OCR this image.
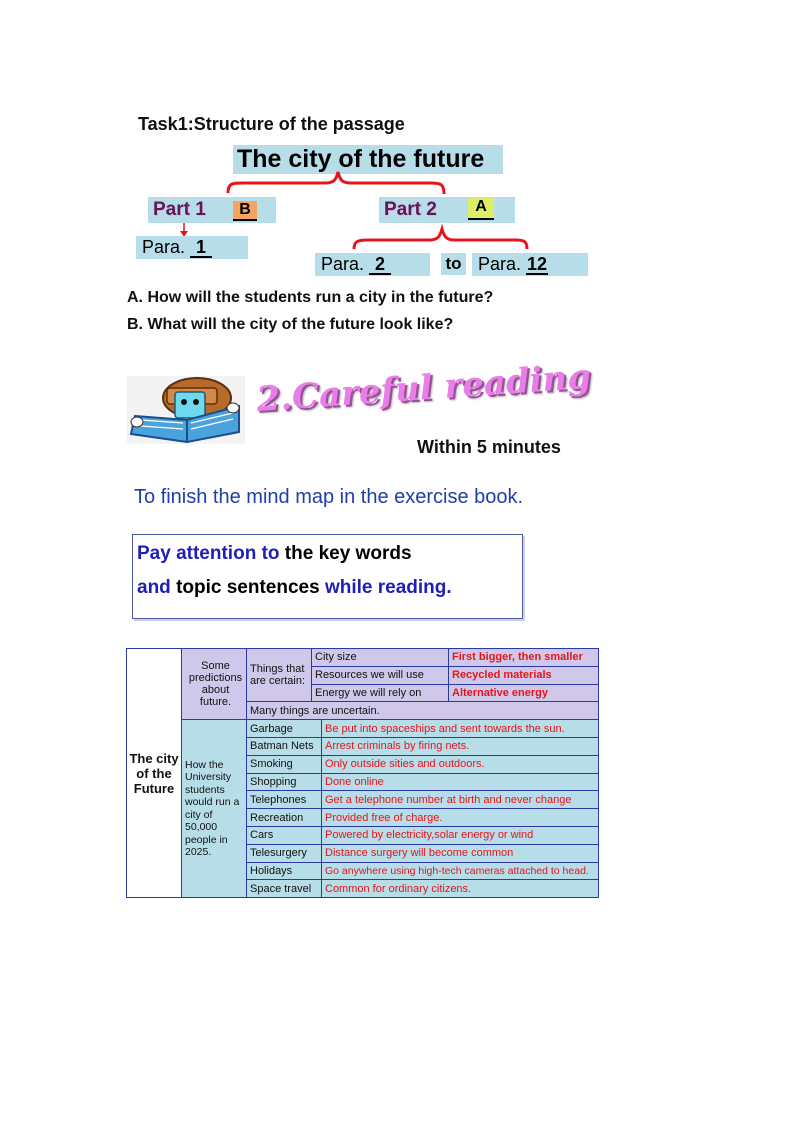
Task1:Structure of the passage
The city of the future
Part 1	B	Part 2	A
Para. 1
Para. 2	to Para. 12
A. How will the students run a city in the future?
B. What will the city of the future look like?
2.Careful reading
Within 5 minutes
To finish the mind map in the exercise book.
Pay attention to the key words
and topic sentences while reading.
The city of the Future	Some predictions about future.	Things that are certain:	City size		First bigger, then smaller
			Resources we will use		Recycled materials
			Energy we will rely on		Alternative energy
		Many things are uncertain.			
	How the University students would run a city of 50,000 people in 2025.	Garbage		Be put into spaceships and sent towards the sun.	
		Batman Nets		Arrest criminals by firing nets.	
		Smoking		Only outside sities and outdoors.	
		Shopping		Done online	
		Telephones		Get a telephone number at birth and never change	
		Recreation		Provided free of charge.	
		Cars		Powered by electricity,solar energy or wind	
		Telesurgery		Distance surgery will become common	
		Holidays		Go anywhere using high-tech cameras attached to head.	
		Space travel		Common for ordinary citizens.	
